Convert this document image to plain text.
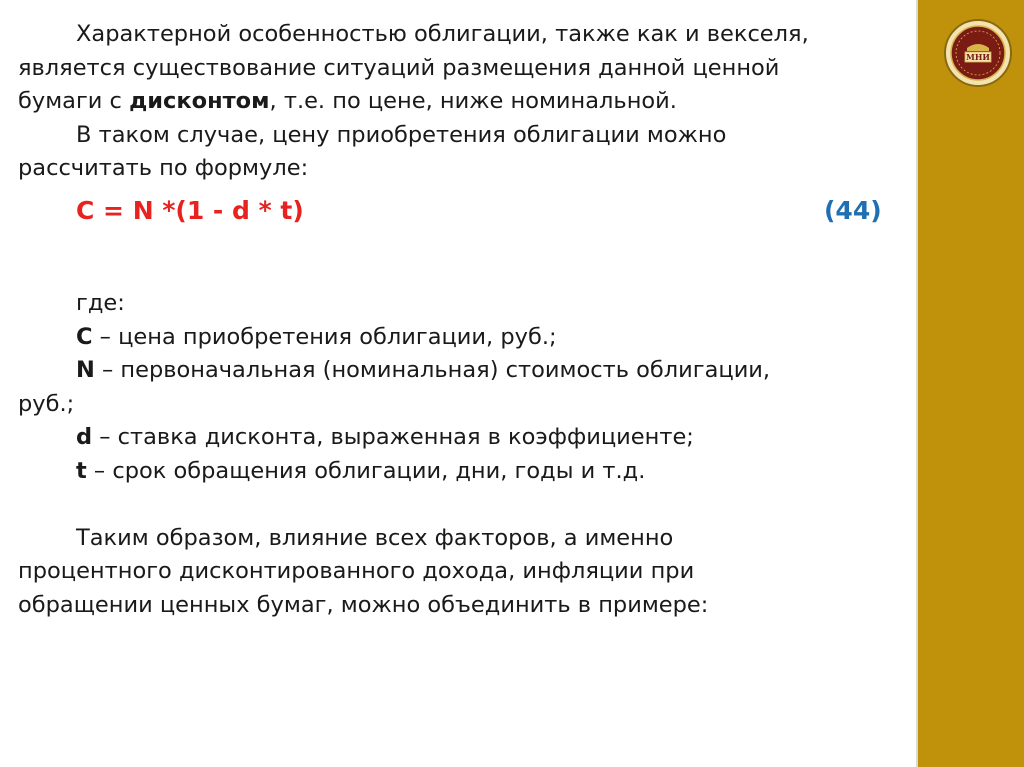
МНИ

Характерной особенностью облигации, также как и векселя,

является существование ситуаций размещения данной ценной

бумаги с дисконтом, т.е. по цене, ниже номинальной.

В таком случае, цену приобретения облигации можно

рассчитать по формуле:

C = N *(1 - d * t)	(44)

где:

C – цена приобретения облигации, руб.;

N – первоначальная (номинальная) стоимость облигации,

руб.;

d – ставка дисконта, выраженная в коэффициенте;

t – срок обращения облигации, дни, годы и т.д.

Таким образом, влияние всех факторов, а именно

процентного дисконтированного дохода, инфляции при

обращении ценных бумаг, можно объединить в примере:
